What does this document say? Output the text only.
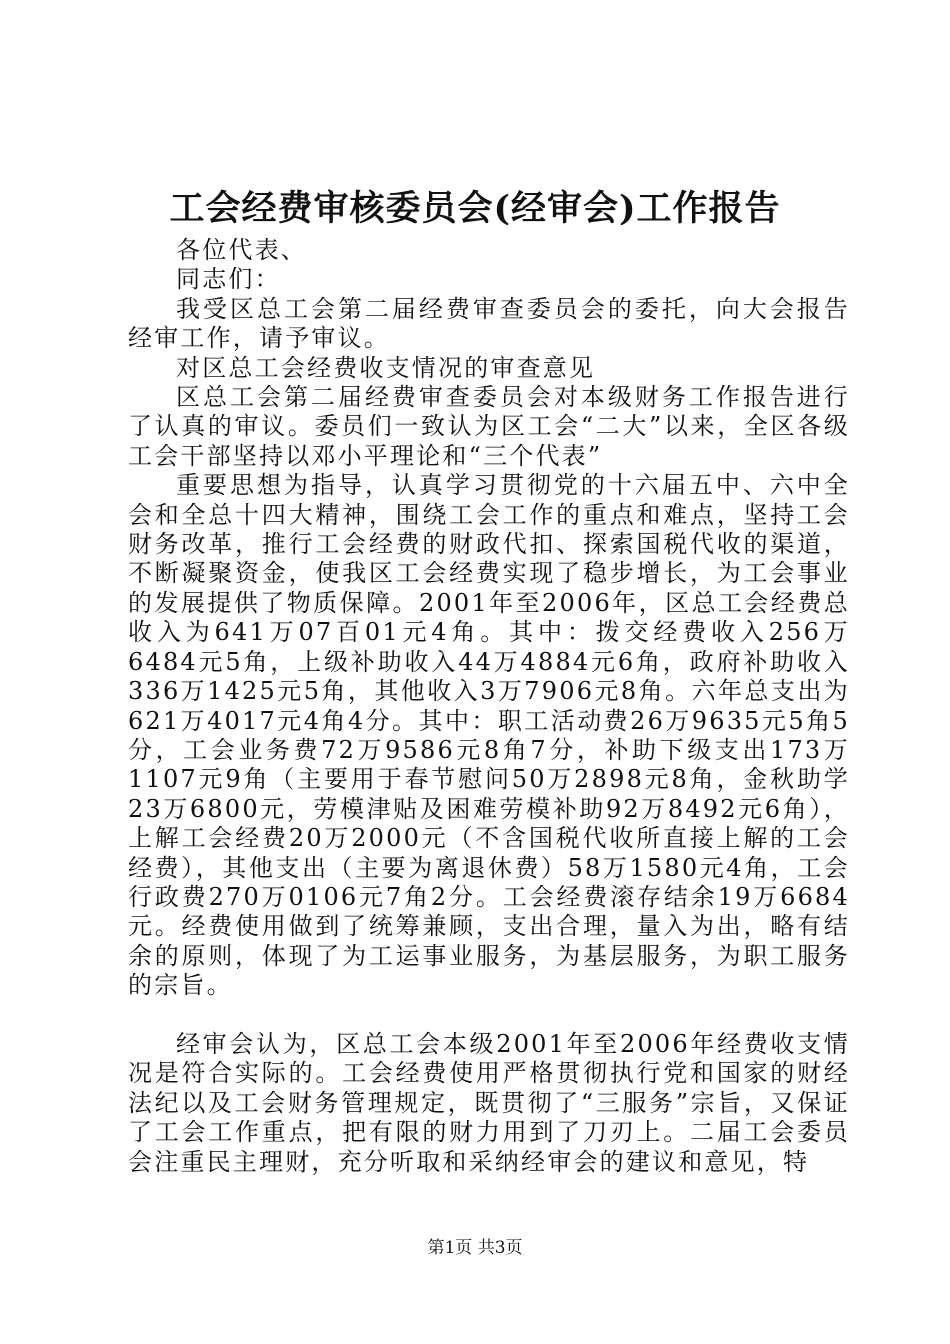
工会经费审核委员会(经审会)工作报告

各位代表、

同志们：

我受区总工会第二届经费审查委员会的委托，向大会报告经审工作，请予审议。

对区总工会经费收支情况的审查意见

区总工会第二届经费审查委员会对本级财务工作报告进行了认真的审议。委员们一致认为区工会“二大”以来，全区各级工会干部坚持以邓小平理论和“三个代表”

重要思想为指导，认真学习贯彻党的十六届五中、六中全会和全总十四大精神，围绕工会工作的重点和难点，坚持工会财务改革，推行工会经费的财政代扣、探索国税代收的渠道，不断凝聚资金，使我区工会经费实现了稳步增长，为工会事业的发展提供了物质保障。2001年至2006年，区总工会经费总收入为641万07百01元4角。其中：拨交经费收入256万6484元5角，上级补助收入44万4884元6角，政府补助收入336万1425元5角，其他收入3万7906元8角。六年总支出为621万4017元4角4分。其中：职工活动费26万9635元5角5分，工会业务费72万9586元8角7分，补助下级支出173万1107元9角（主要用于春节慰问50万2898元8角，金秋助学23万6800元，劳模津贴及困难劳模补助92万8492元6角），上解工会经费20万2000元（不含国税代收所直接上解的工会经费），其他支出（主要为离退休费）58万1580元4角，工会行政费270万0106元7角2分。工会经费滚存结余19万6684元。经费使用做到了统筹兼顾，支出合理，量入为出，略有结余的原则，体现了为工运事业服务，为基层服务，为职工服务的宗旨。

经审会认为，区总工会本级2001年至2006年经费收支情况是符合实际的。工会经费使用严格贯彻执行党和国家的财经法纪以及工会财务管理规定，既贯彻了“三服务”宗旨，又保证了工会工作重点，把有限的财力用到了刀刃上。二届工会委员会注重民主理财，充分听取和采纳经审会的建议和意见，特

第1页 共3页
